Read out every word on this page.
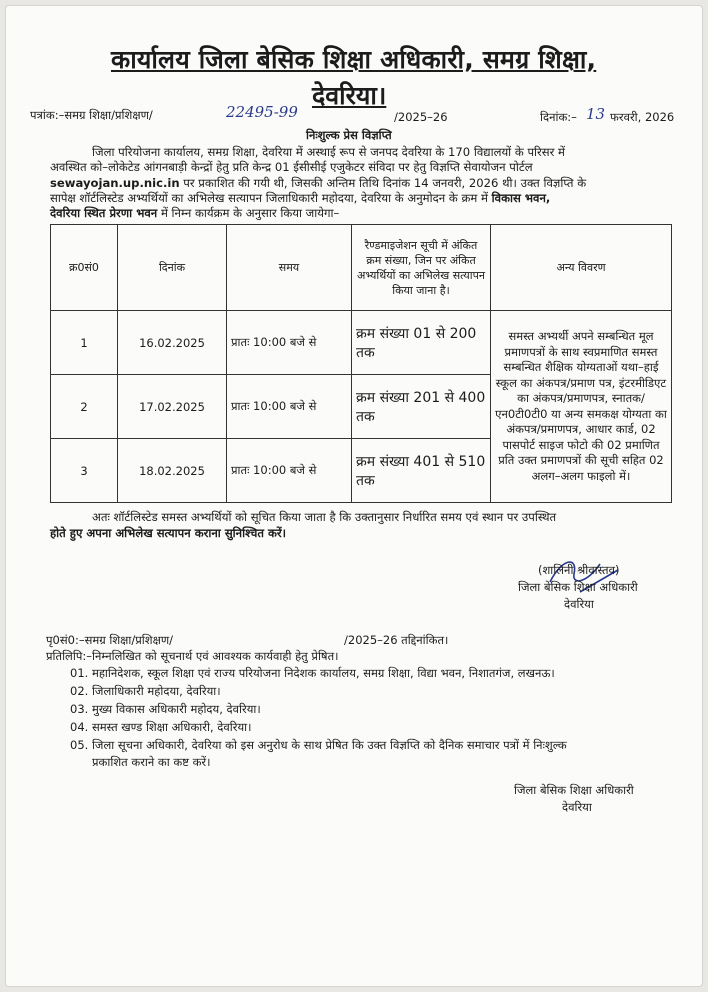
कार्यालय जिला बेसिक शिक्षा अधिकारी, समग्र शिक्षा,
देवरिया।
पत्रांक:–समग्र शिक्षा/प्रशिक्षण/	22495-99	/2025–26	दिनांक:– 13 फरवरी, 2026
निःशुल्क प्रेस विज्ञप्ति
जिला परियोजना कार्यालय, समग्र शिक्षा, देवरिया में अस्थाई रूप से जनपद देवरिया के 170 विद्यालयों के परिसर में
अवस्थित को–लोकेटेड आंगनबाड़ी केन्द्रों हेतु प्रति केन्द्र 01 ईसीसीई एजुकेटर संविदा पर हेतु विज्ञप्ति सेवायोजन पोर्टल
sewayojan.up.nic.in पर प्रकाशित की गयी थी, जिसकी अन्तिम तिथि दिनांक 14 जनवरी, 2026 थी। उक्त विज्ञप्ति के
सापेक्ष शॉर्टलिस्टेड अभ्यर्थियों का अभिलेख सत्यापन जिलाधिकारी महोदया, देवरिया के अनुमोदन के क्रम में विकास भवन,
देवरिया स्थित प्रेरणा भवन में निम्न कार्यक्रम के अनुसार किया जायेगा–
क्र0सं0	दिनांक	समय	रैण्डमाइजेशन सूची में अंकित क्रम संख्या, जिन पर अंकित अभ्यर्थियों का अभिलेख सत्यापन किया जाना है।	अन्य विवरण
1	16.02.2025	प्रातः 10:00 बजे से	क्रम संख्या 01 से 200 तक	समस्त अभ्यर्थी अपने सम्बन्धित मूल प्रमाणपत्रों के साथ स्वप्रमाणित समस्त सम्बन्धित शैक्षिक योग्यताओं यथा–हाई स्कूल का अंकपत्र/प्रमाण पत्र, इंटरमीडिएट का अंकपत्र/प्रमाणपत्र, स्नातक/एन0टी0टी0 या अन्य समकक्ष योग्यता का अंकपत्र/प्रमाणपत्र, आधार कार्ड, 02 पासपोर्ट साइज फोटो की 02 प्रमाणित प्रति उक्त प्रमाणपत्रों की सूची सहित 02 अलग–अलग फाइलो में।
2	17.02.2025	प्रातः 10:00 बजे से	क्रम संख्या 201 से 400 तक	
3	18.02.2025	प्रातः 10:00 बजे से	क्रम संख्या 401 से 510 तक	
अतः शॉर्टलिस्टेड समस्त अभ्यर्थियों को सूचित किया जाता है कि उक्तानुसार निर्धारित समय एवं स्थान पर उपस्थित
होते हुए अपना अभिलेख सत्यापन कराना सुनिश्चित करें।
(शालिनी श्रीवास्तव)
जिला बेसिक शिक्षा अधिकारी
देवरिया
पृ0सं0:–समग्र शिक्षा/प्रशिक्षण/	/2025–26 तद्दिनांकित।
प्रतिलिपि:–निम्नलिखित को सूचनार्थ एवं आवश्यक कार्यवाही हेतु प्रेषित।
01. महानिदेशक, स्कूल शिक्षा एवं राज्य परियोजना निदेशक कार्यालय, समग्र शिक्षा, विद्या भवन, निशातगंज, लखनऊ।
02. जिलाधिकारी महोदया, देवरिया।
03. मुख्य विकास अधिकारी महोदय, देवरिया।
04. समस्त खण्ड शिक्षा अधिकारी, देवरिया।
05. जिला सूचना अधिकारी, देवरिया को इस अनुरोध के साथ प्रेषित कि उक्त विज्ञप्ति को दैनिक समाचार पत्रों में निःशुल्क
प्रकाशित कराने का कष्ट करें।
जिला बेसिक शिक्षा अधिकारी
देवरिया
